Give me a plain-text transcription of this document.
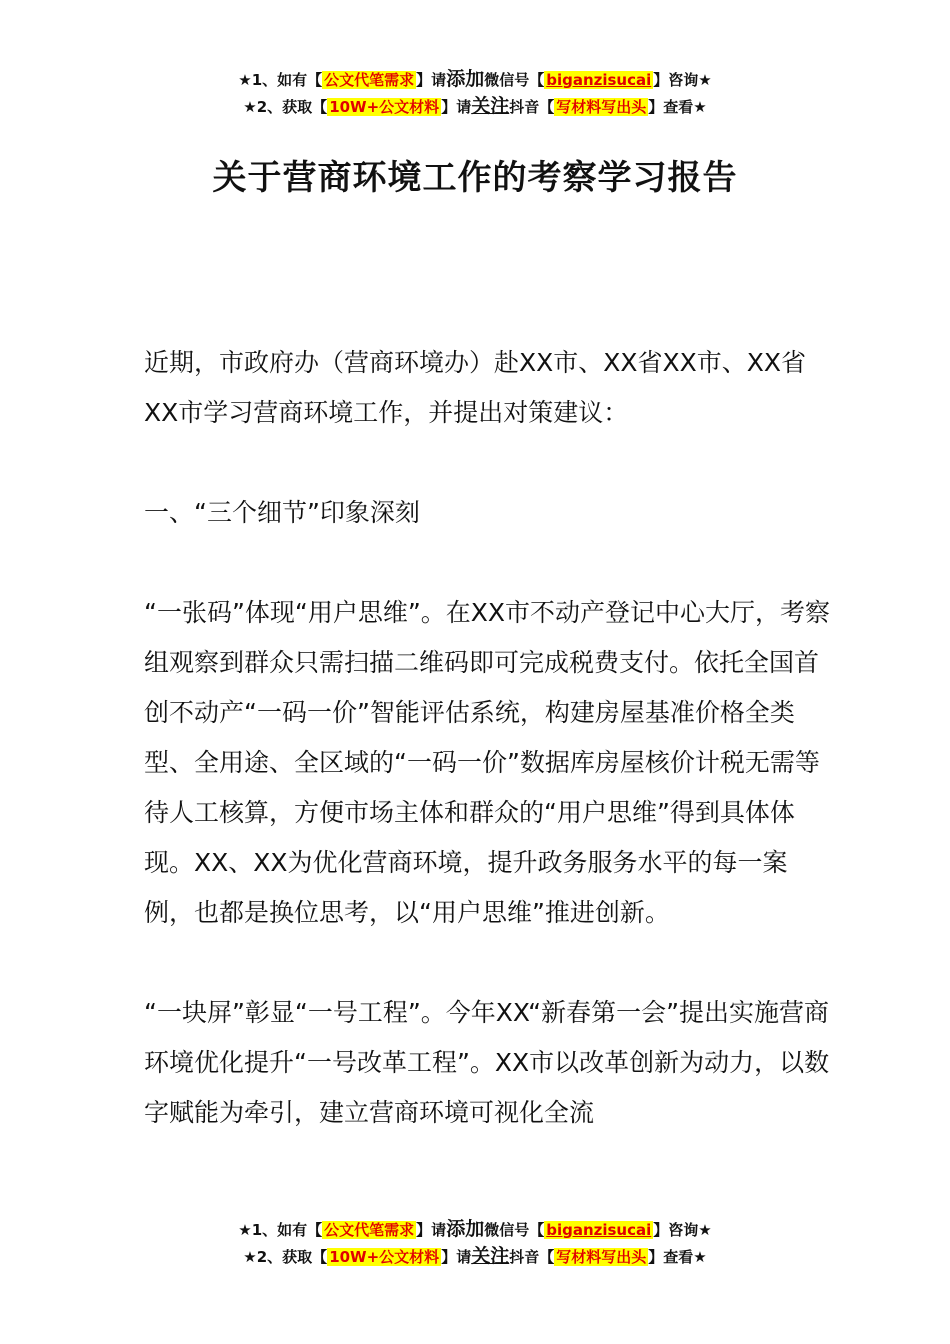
★1、如有【 公文代笔需求 】请添加微信号【 biganzisucai 】咨询★
★2、获取【 10W+公文材料 】请关注抖音【 写材料写出头 】查看★
关于营商环境工作的考察学习报告

近期，市政府办（营商环境办）赴XX市、XX省XX市、XX省XX市学习营商环境工作，并提出对策建议：

一、“三个细节”印象深刻

“一张码”体现“用户思维”。在XX市不动产登记中心大厅，考察组观察到群众只需扫描二维码即可完成税费支付。依托全国首创不动产“一码一价”智能评估系统，构建房屋基准价格全类型、全用途、全区域的“一码一价”数据库房屋核价计税无需等待人工核算，方便市场主体和群众的“用户思维”得到具体体现。XX、XX为优化营商环境，提升政务服务水平的每一案例，也都是换位思考，以“用户思维”推进创新。

“一块屏”彰显“一号工程”。今年XX“新春第一会”提出实施营商环境优化提升“一号改革工程”。XX市以改革创新为动力，以数字赋能为牵引，建立营商环境可视化全流

★1、如有【 公文代笔需求 】请添加微信号【 biganzisucai 】咨询★
★2、获取【 10W+公文材料 】请关注抖音【 写材料写出头 】查看★
